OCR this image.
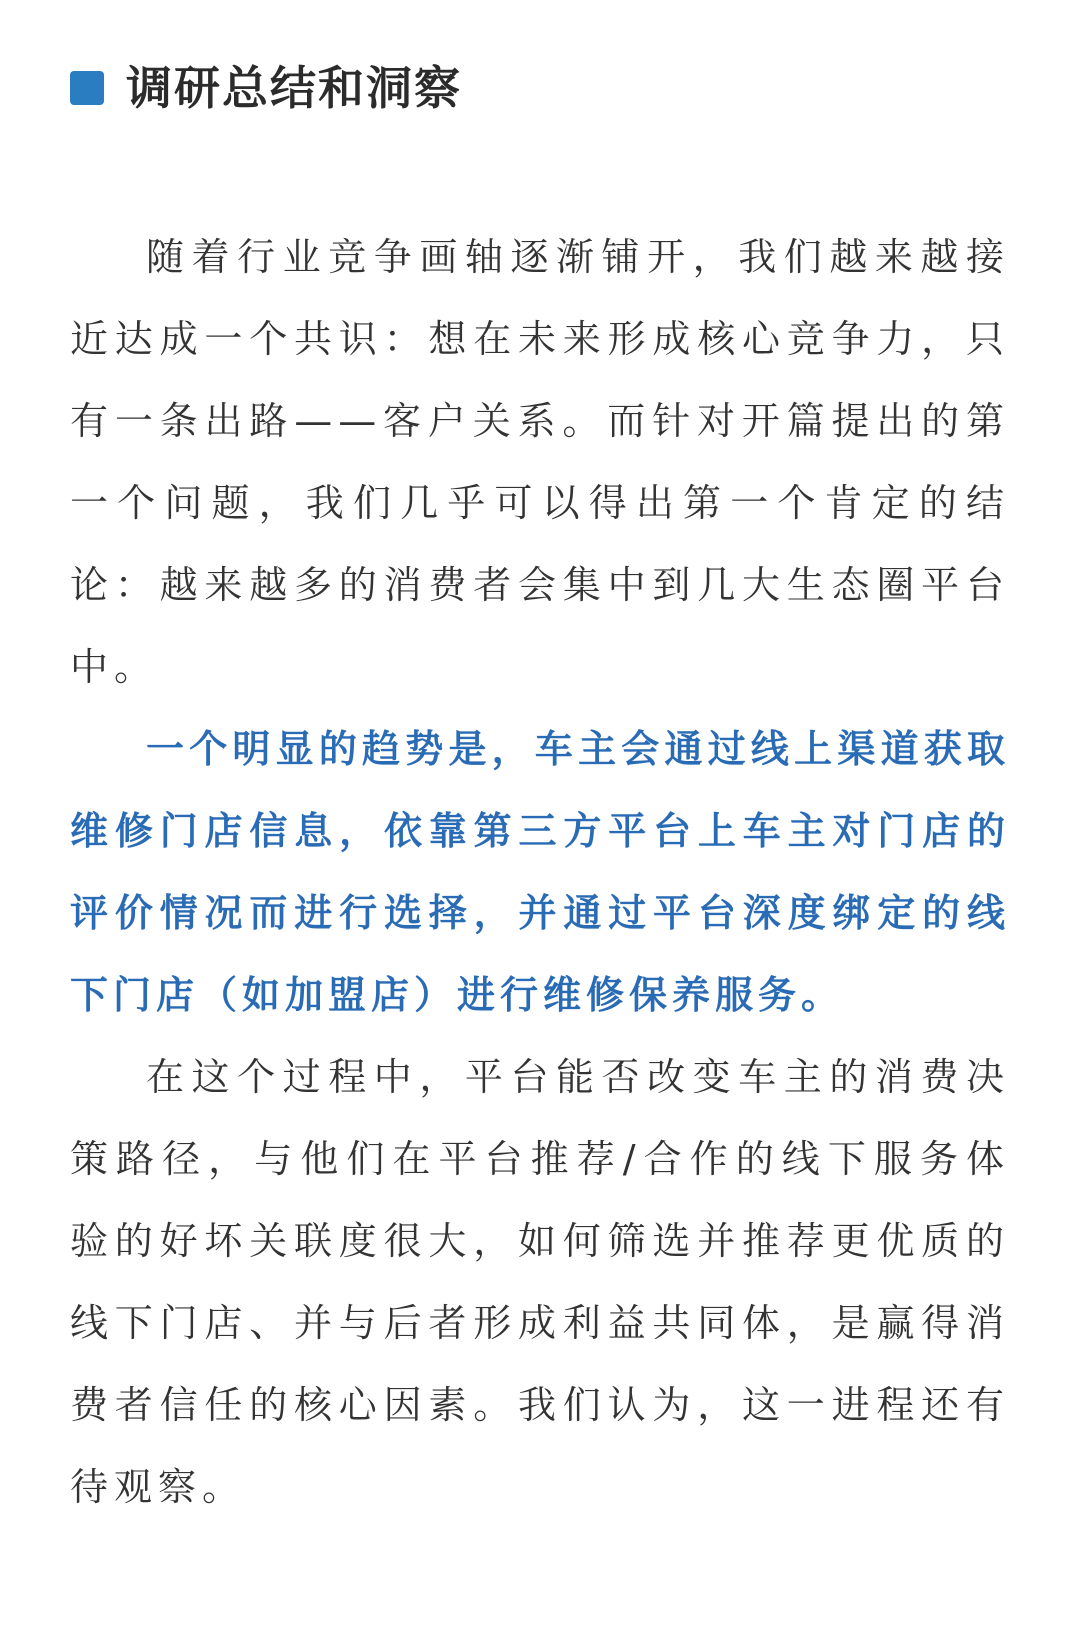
调研总结和洞察

随着行业竞争画轴逐渐铺开，我们越来越接近达成一个共识：想在未来形成核心竞争力，只有一条出路——客户关系。而针对开篇提出的第一个问题，我们几乎可以得出第一个肯定的结论：越来越多的消费者会集中到几大生态圈平台中。

一个明显的趋势是，车主会通过线上渠道获取维修门店信息，依靠第三方平台上车主对门店的评价情况而进行选择，并通过平台深度绑定的线下门店（如加盟店）进行维修保养服务。

在这个过程中，平台能否改变车主的消费决策路径，与他们在平台推荐/合作的线下服务体验的好坏关联度很大，如何筛选并推荐更优质的线下门店、并与后者形成利益共同体，是赢得消费者信任的核心因素。我们认为，这一进程还有待观察。
